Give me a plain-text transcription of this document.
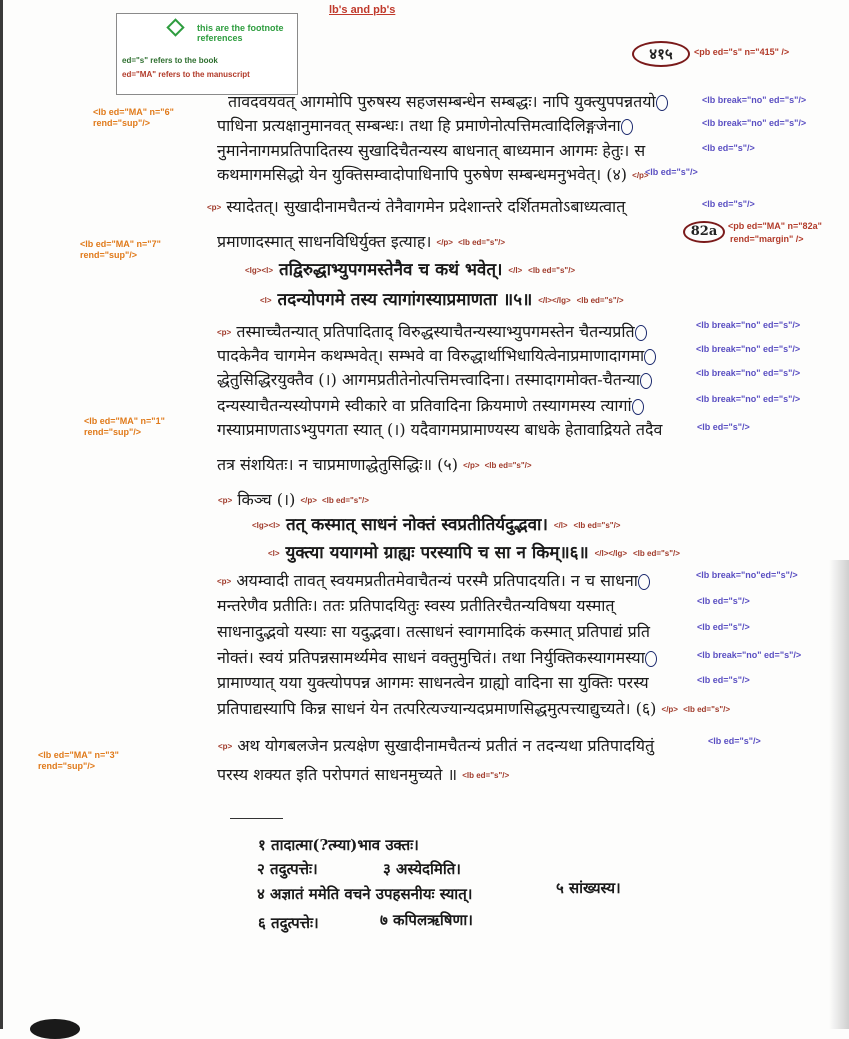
this are the footnote references
ed="s" refers to the book
ed="MA" refers to the manuscript
lb's and pb's
४१५	<pb ed="s" n="415" />
<lb ed="MA" n="6"
rend="sup"/>
<lb ed="MA" n="7"
rend="sup"/>
<lb ed="MA" n="1"
rend="sup"/>
<lb ed="MA" n="3"
rend="sup"/>
82a	<pb ed="MA" n="82a"
rend="margin" />
तावदवयवत् आगमोपि पुरुषस्य सहजसम्बन्धेन सम्बद्धः। नापि युक्त्युपपन्नतयो	<lb break="no" ed="s"/>
पाधिना प्रत्यक्षानुमानवत् सम्बन्धः। तथा हि प्रमाणेनोत्पत्तिमत्वादिलिङ्गजेना	<lb break="no" ed="s"/>
नुमानेनागमप्रतिपादितस्य सुखादिचैतन्यस्य बाधनात् बाध्यमान आगमः हेतुः। स	<lb ed="s"/>
कथमागमसिद्धो येन युक्तिसम्वादोपाधिनापि पुरुषेण सम्बन्धमनुभवेत्। (४) </p>
<lb ed="s"/>
<p> स्यादेतत्। सुखादीनामचैतन्यं तेनैवागमेन प्रदेशान्तरे दर्शितमतोऽबाध्यत्वात्	<lb ed="s"/>
प्रमाणादस्मात् साधनविधिर्युक्त इत्याह। </p> <lb ed="s"/>
<lg><l> तद्विरुद्धाभ्युपगमस्तेनैव च कथं भवेत्। </l> <lb ed="s"/>
<l> तदन्योपगमे तस्य त्यागांगस्याप्रमाणता ॥५॥ </l></lg> <lb ed="s"/>
<p> तस्माच्चैतन्यात् प्रतिपादिताद् विरुद्धस्याचैतन्यस्याभ्युपगमस्तेन चैतन्यप्रति	<lb break="no" ed="s"/>
पादकेनैव चागमेन कथम्भवेत्। सम्भवे वा विरुद्धार्थाभिधायित्वेनाप्रमाणादागमा	<lb break="no" ed="s"/>
द्धेतुसिद्धिरयुक्तैव (।) आगमप्रतीतेनोत्पत्तिमत्त्वादिना। तस्मादागमोक्त-चैतन्या	<lb break="no" ed="s"/>
दन्यस्याचैतन्यस्योपगमे स्वीकारे वा प्रतिवादिना क्रियमाणे तस्यागमस्य त्यागां	<lb break="no" ed="s"/>
गस्याप्रमाणताऽभ्युपगता स्यात् (।) यदैवागमप्रामाण्यस्य बाधके हेतावाद्रियते तदैव	<lb ed="s"/>
तत्र संशयितः। न चाप्रमाणाद्धेतुसिद्धिः॥ (५) </p> <lb ed="s"/>
<p> किञ्च (।) </p> <lb ed="s"/>
<lg><l> तत् कस्मात् साधनं नोक्तं स्वप्रतीतिर्यदुद्भवा। </l> <lb ed="s"/>
<l> युक्त्या ययागमो ग्राह्यः परस्यापि च सा न किम्॥६॥ </l></lg> <lb ed="s"/>
<p> अयम्वादी तावत् स्वयमप्रतीतमेवाचैतन्यं परस्मै प्रतिपादयति। न च साधना	<lb break="no"ed="s"/>
मन्तरेणैव प्रतीतिः। ततः प्रतिपादयितुः स्वस्य प्रतीतिरचैतन्यविषया यस्मात्	<lb ed="s"/>
साधनादुद्भवो यस्याः सा यदुद्भवा। तत्साधनं स्वागमादिकं कस्मात् प्रतिपाद्यं प्रति	<lb ed="s"/>
नोक्तं। स्वयं प्रतिपन्नसामर्थ्यमेव साधनं वक्तुमुचितं। तथा निर्युक्तिकस्यागमस्या	<lb break="no" ed="s"/>
प्रामाण्यात् यया युक्त्योपपन्न आगमः साधनत्वेन ग्राह्यो वादिना सा युक्तिः परस्य	<lb ed="s"/>
प्रतिपाद्यस्यापि किन्न साधनं येन तत्परित्यज्यान्यदप्रमाणसिद्धमुत्पत्त्याद्युच्यते। (६) </p> <lb ed="s"/>
<p> अथ योगबलजेन प्रत्यक्षेण सुखादीनामचैतन्यं प्रतीतं न तदन्यथा प्रतिपादयितुं	<lb ed="s"/>
परस्य शक्यत इति परोपगतं साधनमुच्यते ॥ <lb ed="s"/>
१ तादात्मा(?त्म्या)भाव उक्तः।
२ तदुत्पत्तेः।	३ अस्येदमिति।
४ अज्ञातं ममेति वचने उपहसनीयः स्यात्।	५ सांख्यस्य।
६ तदुत्पत्तेः।	७ कपिलऋषिणा।
